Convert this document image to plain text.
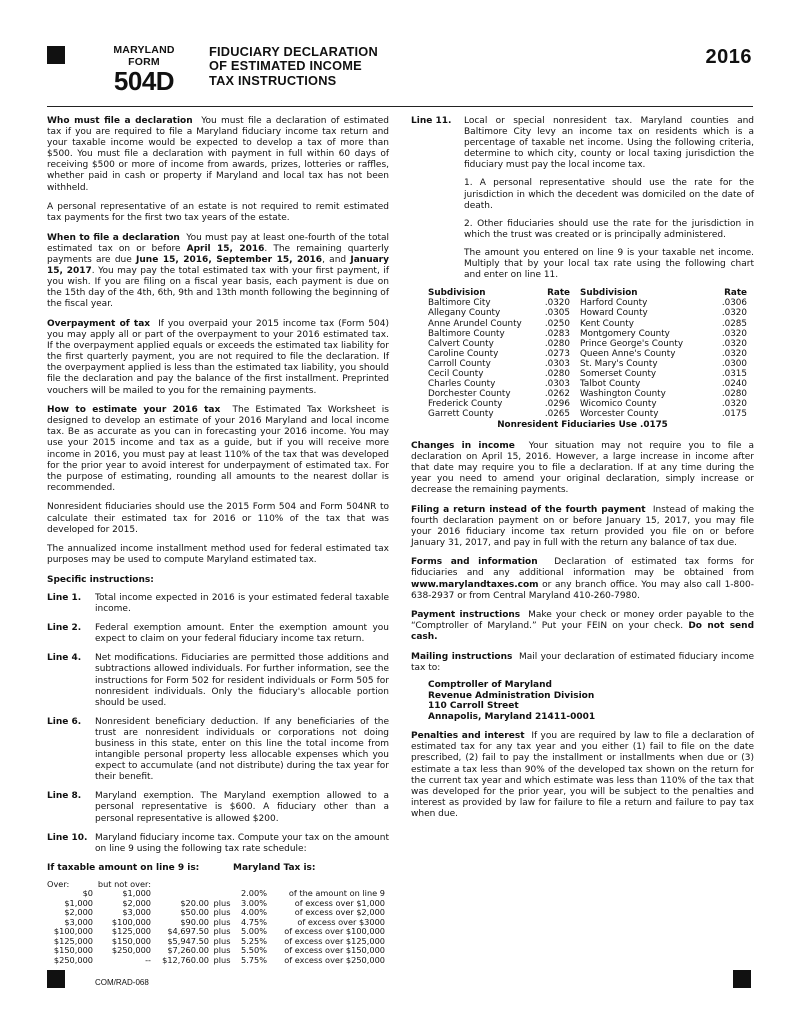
MARYLAND
FORM
504D
FIDUCIARY DECLARATION
OF ESTIMATED INCOME
TAX INSTRUCTIONS
2016

Who must file a declaration You must file a declaration of estimated tax if you are required to file a Maryland fiduciary income tax return and your taxable income would be expected to develop a tax of more than $500. You must file a declaration with payment in full within 60 days of receiving $500 or more of income from awards, prizes, lotteries or raffles, whether paid in cash or property if Maryland and local tax has not been withheld.

A personal representative of an estate is not required to remit estimated tax payments for the first two tax years of the estate.

When to file a declaration You must pay at least one-fourth of the total estimated tax on or before April 15, 2016. The remaining quarterly payments are due June 15, 2016, September 15, 2016, and January 15, 2017. You may pay the total estimated tax with your first payment, if you wish. If you are filing on a fiscal year basis, each payment is due on the 15th day of the 4th, 6th, 9th and 13th month following the beginning of the fiscal year.

Overpayment of tax If you overpaid your 2015 income tax (Form 504) you may apply all or part of the overpayment to your 2016 estimated tax. If the overpayment applied equals or exceeds the estimated tax liability for the first quarterly payment, you are not required to file the declaration. If the overpayment applied is less than the estimated tax liability, you should file the declaration and pay the balance of the first installment. Preprinted vouchers will be mailed to you for the remaining payments.

How to estimate your 2016 tax The Estimated Tax Worksheet is designed to develop an estimate of your 2016 Maryland and local income tax. Be as accurate as you can in forecasting your 2016 income. You may use your 2015 income and tax as a guide, but if you will receive more income in 2016, you must pay at least 110% of the tax that was developed for the prior year to avoid interest for underpayment of estimated tax. For the purpose of estimating, rounding all amounts to the nearest dollar is recommended.

Nonresident fiduciaries should use the 2015 Form 504 and Form 504NR to calculate their estimated tax for 2016 or 110% of the tax that was developed for 2015.

The annualized income installment method used for federal estimated tax purposes may be used to compute Maryland estimated tax.

Specific instructions:

Line 1.	Total income expected in 2016 is your estimated federal taxable income.
Line 2.	Federal exemption amount. Enter the exemption amount you expect to claim on your federal fiduciary income tax return.
Line 4.	Net modifications. Fiduciaries are permitted those additions and subtractions allowed individuals. For further information, see the instructions for Form 502 for resident individuals or Form 505 for nonresident individuals. Only the fiduciary's allocable portion should be used.
Line 6.	Nonresident beneficiary deduction. If any beneficiaries of the trust are nonresident individuals or corporations not doing business in this state, enter on this line the total income from intangible personal property less allocable expenses which you expect to accumulate (and not distribute) during the tax year for their benefit.
Line 8.	Maryland exemption. The Maryland exemption allowed to a personal representative is $600. A fiduciary other than a personal representative is allowed $200.
Line 10. Maryland fiduciary income tax. Compute your tax on the amount on line 9 using the following tax rate schedule:
If taxable amount on line 9 is:	Maryland Tax is:
Over:	but not over:				
$0	$1,000			2.00%	of the amount on line 9
$1,000	$2,000	$20.00	plus	3.00%	of excess over $1,000
$2,000	$3,000	$50.00	plus	4.00%	of excess over $2,000
$3,000	$100,000	$90.00	plus	4.75%	of excess over $3000
$100,000	$125,000	$4,697.50	plus	5.00%	of excess over $100,000
$125,000	$150,000	$5,947.50	plus	5.25%	of excess over $125,000
$150,000	$250,000	$7,260.00	plus	5.50%	of excess over $150,000
$250,000	--	$12,760.00	plus	5.75%	of excess over $250,000
Line 11.	Local or special nonresident tax. Maryland counties and Baltimore City levy an income tax on residents which is a percentage of taxable net income. Using the following criteria, determine to which city, county or local taxing jurisdiction the fiduciary must pay the local income tax.

1. A personal representative should use the rate for the jurisdiction in which the decedent was domiciled on the date of death.

2. Other fiduciaries should use the rate for the jurisdiction in which the trust was created or is principally administered.

The amount you entered on line 9 is your taxable net income. Multiply that by your local tax rate using the following chart and enter on line 11.

Subdivision	Rate		Subdivision	Rate
Baltimore City	.0320		Harford County	.0306
Allegany County	.0305		Howard County	.0320
Anne Arundel County	.0250		Kent County	.0285
Baltimore County	.0283		Montgomery County	.0320
Calvert County	.0280		Prince George's County	.0320
Caroline County	.0273		Queen Anne's County	.0320
Carroll County	.0303		St. Mary's County	.0300
Cecil County	.0280		Somerset County	.0315
Charles County	.0303		Talbot County	.0240
Dorchester County	.0262		Washington County	.0280
Frederick County	.0296		Wicomico County	.0320
Garrett County	.0265		Worcester County	.0175

Nonresident Fiduciaries Use .0175

Changes in income Your situation may not require you to file a declaration on April 15, 2016. However, a large increase in income after that date may require you to file a declaration. If at any time during the year you need to amend your original declaration, simply increase or decrease the remaining payments.

Filing a return instead of the fourth payment Instead of making the fourth declaration payment on or before January 15, 2017, you may file your 2016 fiduciary income tax return provided you file on or before January 31, 2017, and pay in full with the return any balance of tax due.

Forms and information Declaration of estimated tax forms for fiduciaries and any additional information may be obtained from www.marylandtaxes.com or any branch office. You may also call 1-800-638-2937 or from Central Maryland 410-260-7980.

Payment instructions Make your check or money order payable to the “Comptroller of Maryland.” Put your FEIN on your check. Do not send cash.

Mailing instructions Mail your declaration of estimated fiduciary income tax to:

Comptroller of Maryland
Revenue Administration Division
110 Carroll Street
Annapolis, Maryland 21411-0001

Penalties and interest If you are required by law to file a declaration of estimated tax for any tax year and you either (1) fail to file on the date prescribed, (2) fail to pay the installment or installments when due or (3) estimate a tax less than 90% of the developed tax shown on the return for the current tax year and which estimate was less than 110% of the tax that was developed for the prior year, you will be subject to the penalties and interest as provided by law for failure to file a return and failure to pay tax when due.

COM/RAD-068
